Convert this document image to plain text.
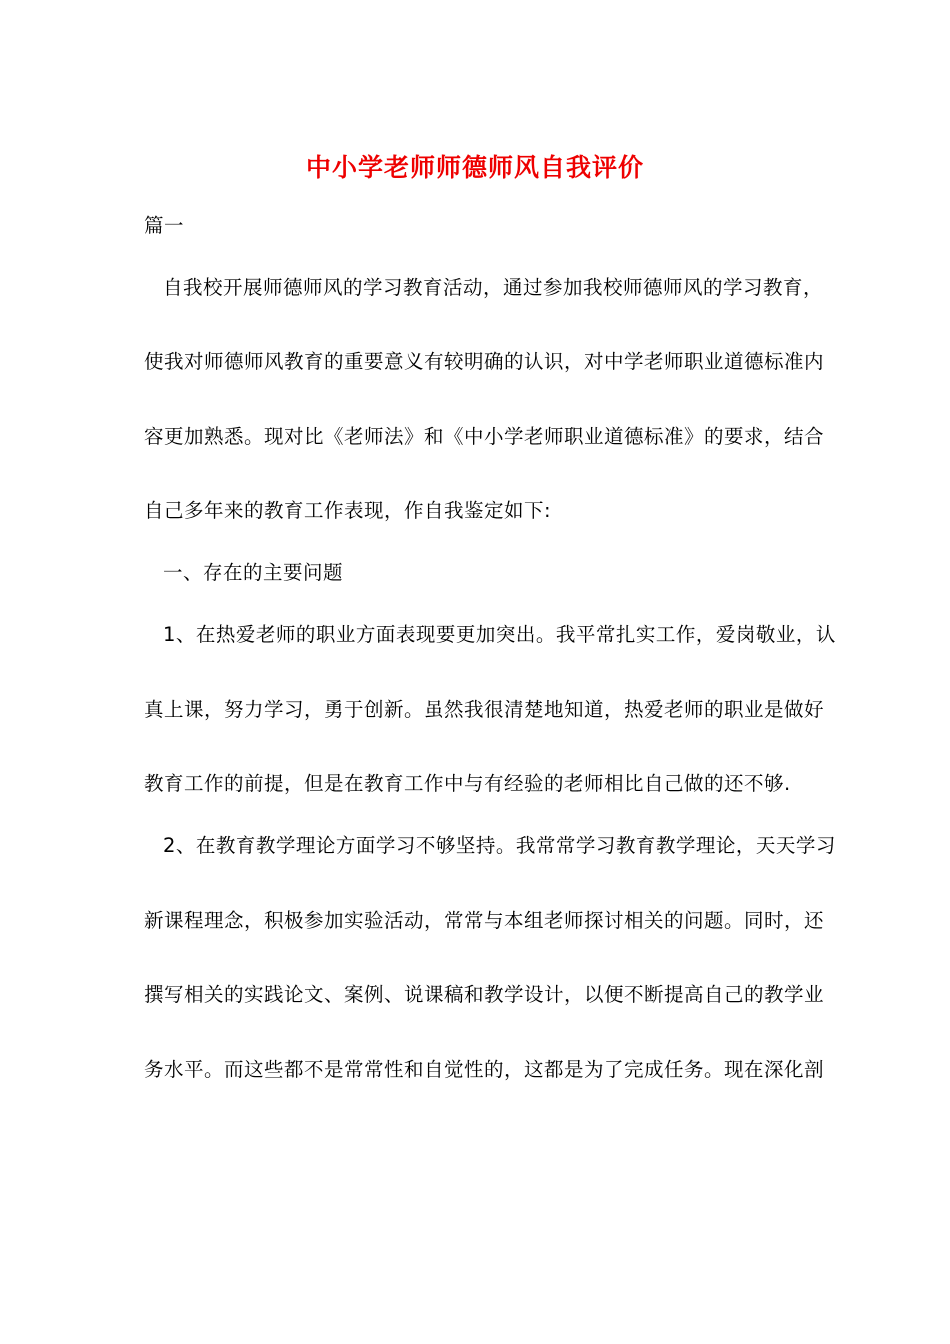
中小学老师师德师风自我评价
篇一
自我校开展师德师风的学习教育活动，通过参加我校师德师风的学习教育，
使我对师德师风教育的重要意义有较明确的认识，对中学老师职业道德标准内
容更加熟悉。现对比《老师法》和《中小学老师职业道德标准》的要求，结合
自己多年来的教育工作表现，作自我鉴定如下:
一、存在的主要问题
1、在热爱老师的职业方面表现要更加突出。我平常扎实工作，爱岗敬业，认
真上课，努力学习，勇于创新。虽然我很清楚地知道，热爱老师的职业是做好
教育工作的前提，但是在教育工作中与有经验的老师相比自己做的还不够.
2、在教育教学理论方面学习不够坚持。我常常学习教育教学理论，天天学习
新课程理念，积极参加实验活动，常常与本组老师探讨相关的问题。同时，还
撰写相关的实践论文、案例、说课稿和教学设计，以便不断提高自己的教学业
务水平。而这些都不是常常性和自觉性的，这都是为了完成任务。现在深化剖
